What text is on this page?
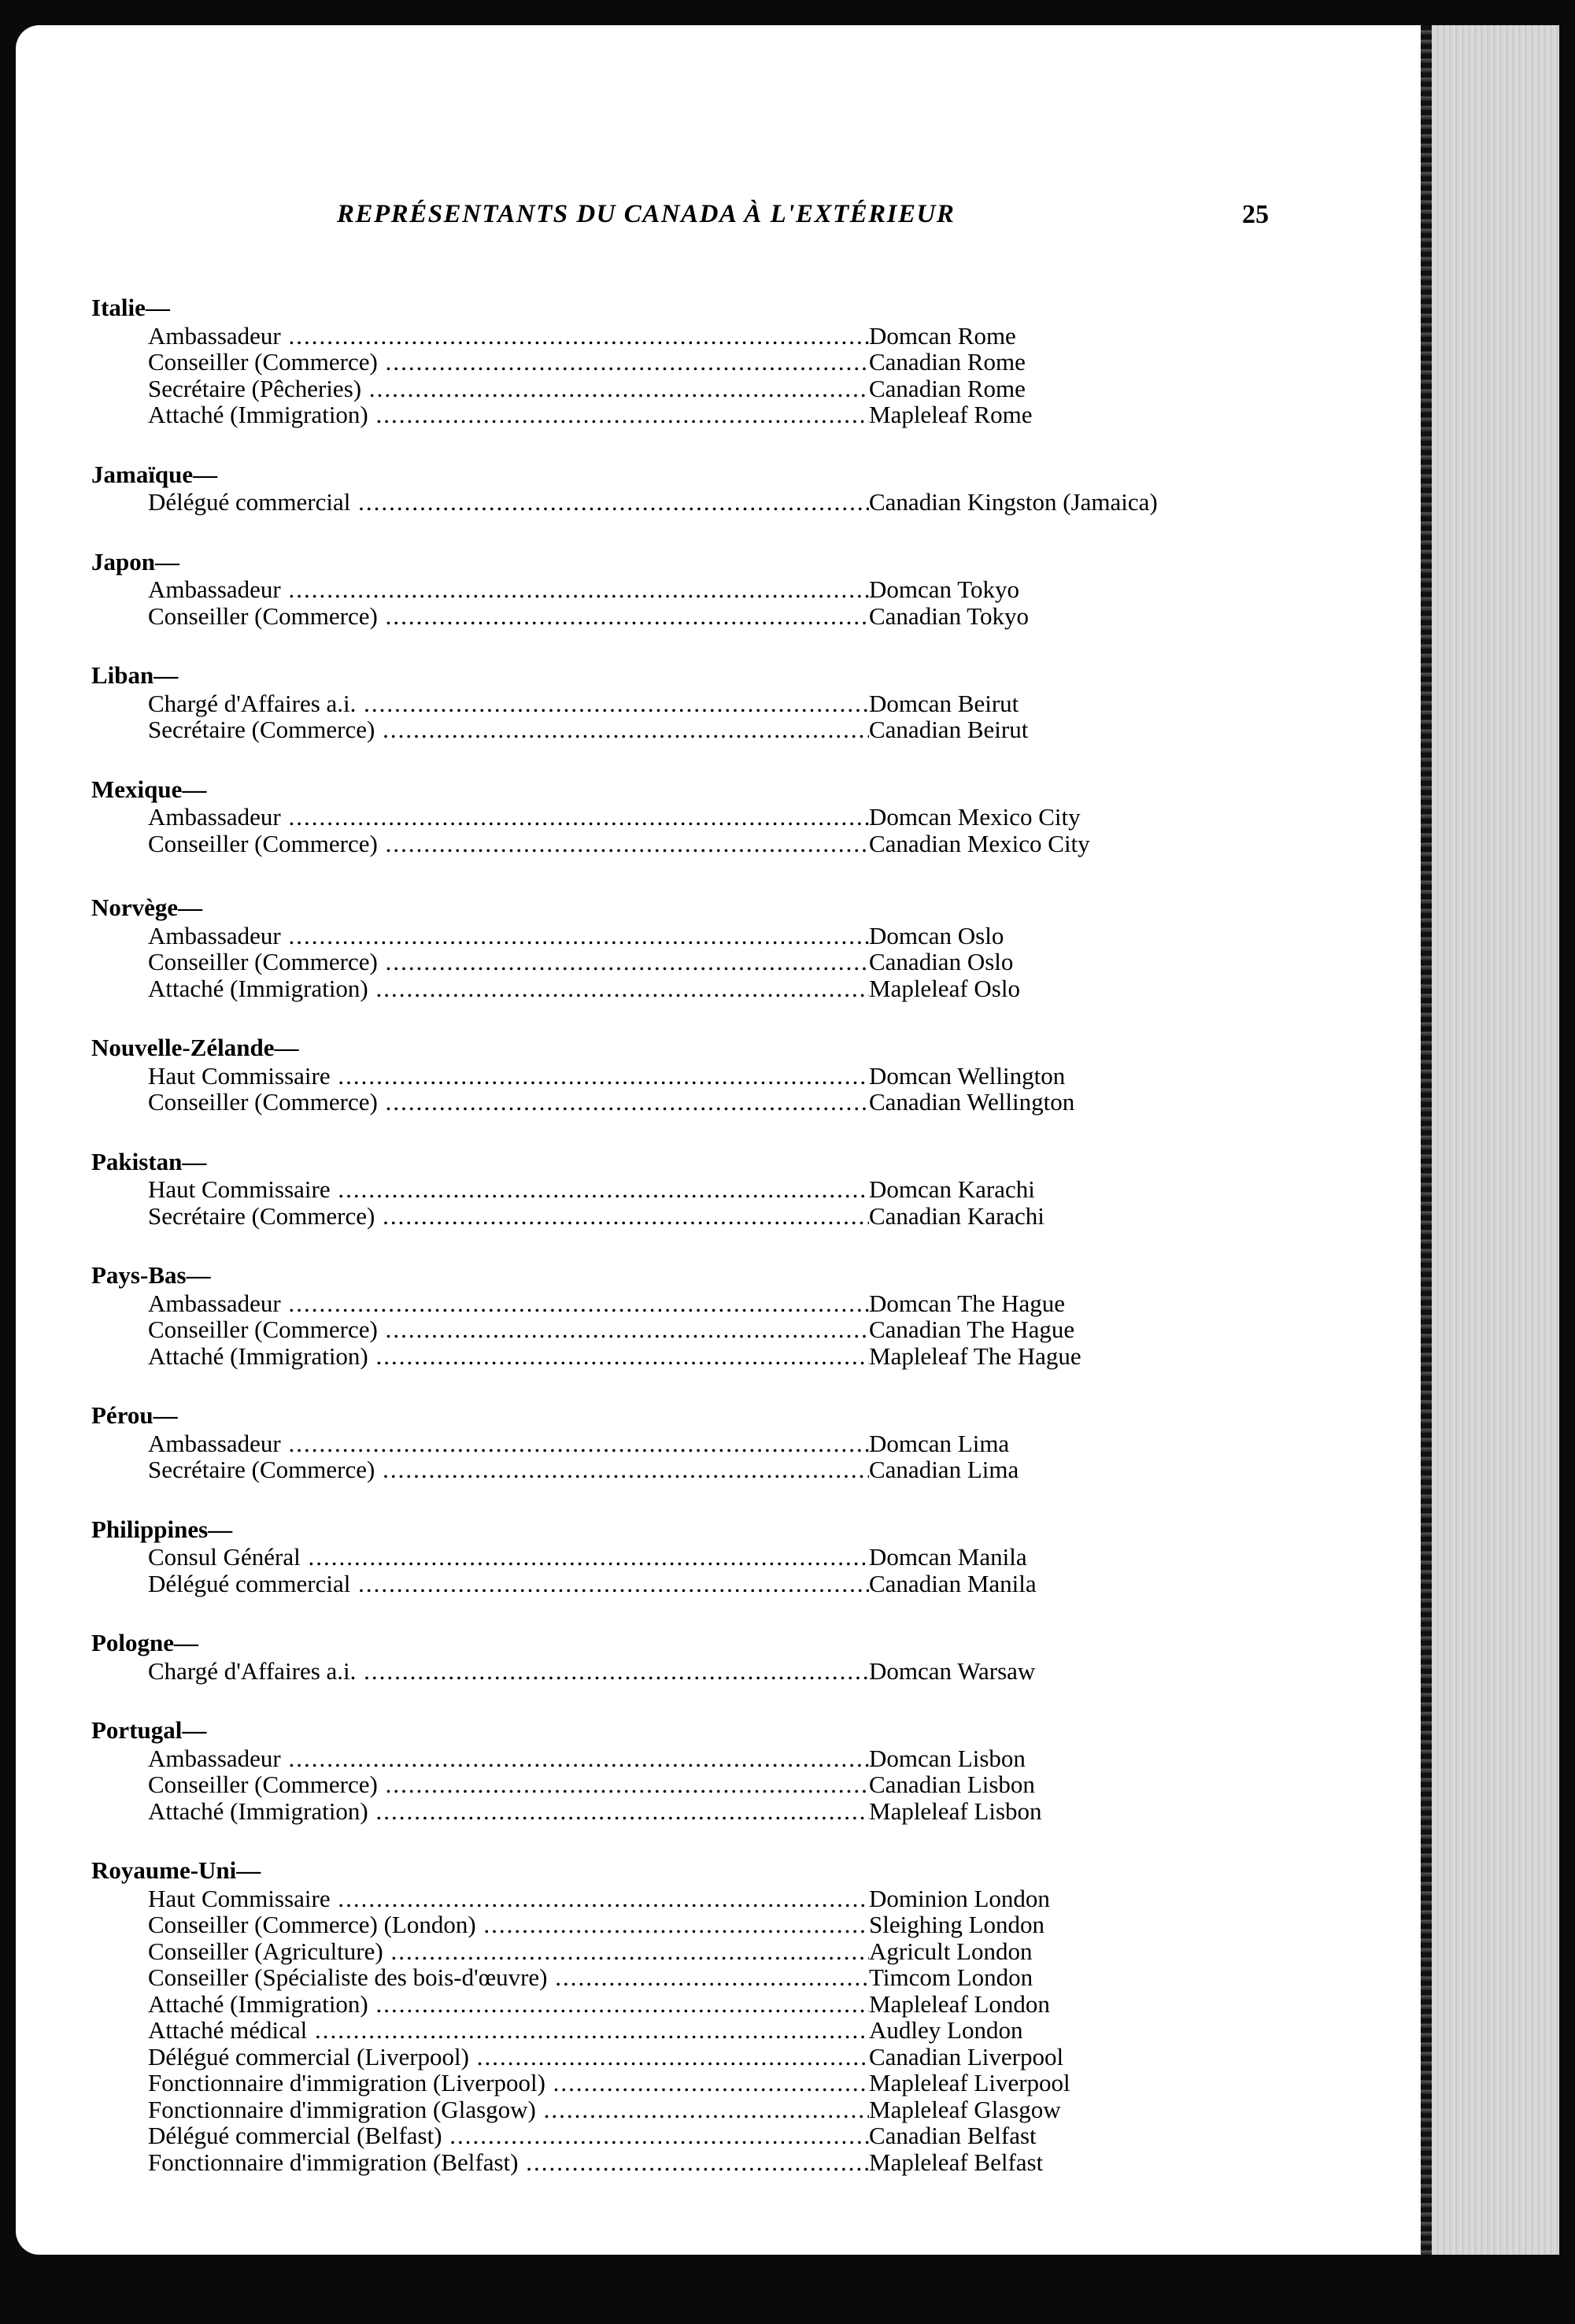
REPRÉSENTANTS DU CANADA À L'EXTÉRIEUR	25
Italie—
Ambassadeur .....	Domcan Rome
Conseiller (Commerce) .....	Canadian Rome
Secrétaire (Pêcheries) .....	Canadian Rome
Attaché (Immigration) .....	Mapleleaf Rome
Jamaïque—
Délégué commercial .....	Canadian Kingston (Jamaica)
Japon—
Ambassadeur .....	Domcan Tokyo
Conseiller (Commerce) .....	Canadian Tokyo
Liban—
Chargé d'Affaires a.i. .....	Domcan Beirut
Secrétaire (Commerce) .....	Canadian Beirut
Mexique—
Ambassadeur .....	Domcan Mexico City
Conseiller (Commerce) .....	Canadian Mexico City
Norvège—
Ambassadeur .....	Domcan Oslo
Conseiller (Commerce) .....	Canadian Oslo
Attaché (Immigration) .....	Mapleleaf Oslo
Nouvelle-Zélande—
Haut Commissaire .....	Domcan Wellington
Conseiller (Commerce) .....	Canadian Wellington
Pakistan—
Haut Commissaire .....	Domcan Karachi
Secrétaire (Commerce) .....	Canadian Karachi
Pays-Bas—
Ambassadeur .....	Domcan The Hague
Conseiller (Commerce) .....	Canadian The Hague
Attaché (Immigration) .....	Mapleleaf The Hague
Pérou—
Ambassadeur .....	Domcan Lima
Secrétaire (Commerce) .....	Canadian Lima
Philippines—
Consul Général .....	Domcan Manila
Délégué commercial .....	Canadian Manila
Pologne—
Chargé d'Affaires a.i. .....	Domcan Warsaw
Portugal—
Ambassadeur .....	Domcan Lisbon
Conseiller (Commerce) .....	Canadian Lisbon
Attaché (Immigration) .....	Mapleleaf Lisbon
Royaume-Uni—
Haut Commissaire .....	Dominion London
Conseiller (Commerce) (London) .....	Sleighing London
Conseiller (Agriculture) .....	Agricult London
Conseiller (Spécialiste des bois-d'œuvre) .....	Timcom London
Attaché (Immigration) .....	Mapleleaf London
Attaché médical .....	Audley London
Délégué commercial (Liverpool) .....	Canadian Liverpool
Fonctionnaire d'immigration (Liverpool) .....	Mapleleaf Liverpool
Fonctionnaire d'immigration (Glasgow) .....	Mapleleaf Glasgow
Délégué commercial (Belfast) .....	Canadian Belfast
Fonctionnaire d'immigration (Belfast) .....	Mapleleaf Belfast
